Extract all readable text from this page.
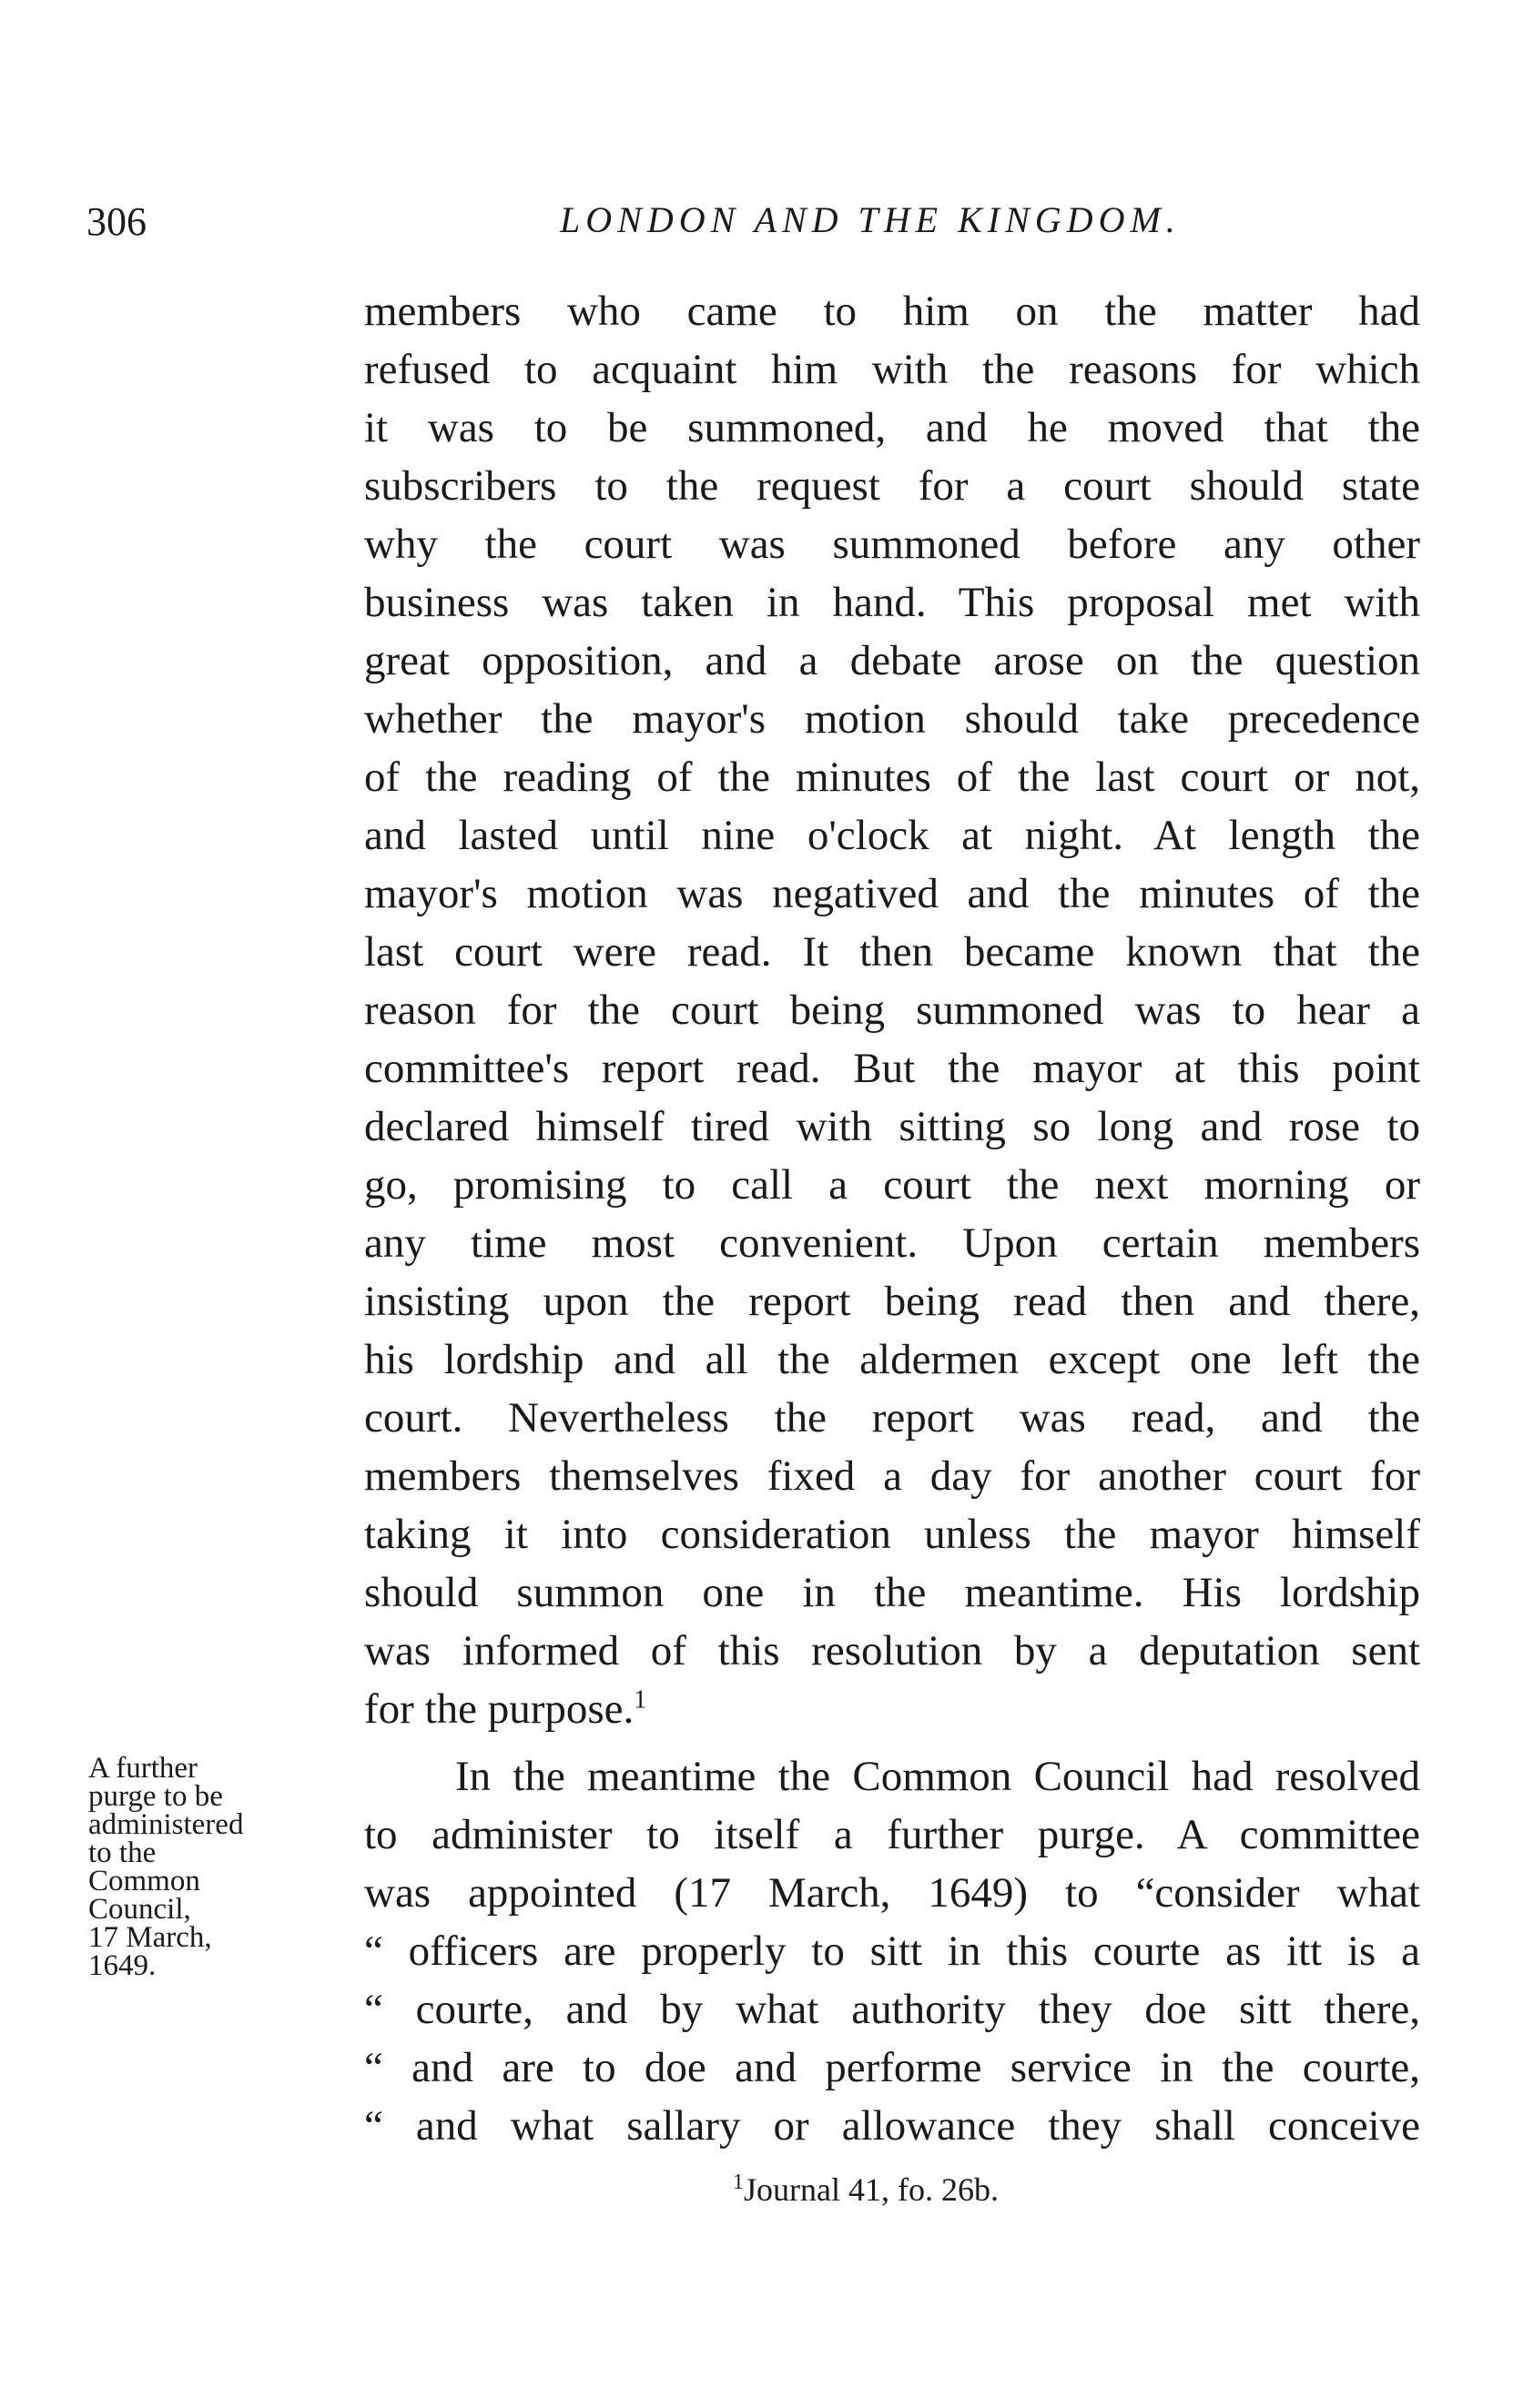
306	LONDON AND THE KINGDOM.
members who came to him on the matter had
refused to acquaint him with the reasons for which
it was to be summoned, and he moved that the
subscribers to the request for a court should state
why the court was summoned before any other
business was taken in hand. This proposal met with
great opposition, and a debate arose on the question
whether the mayor's motion should take precedence
of the reading of the minutes of the last court or not,
and lasted until nine o'clock at night. At length the
mayor's motion was negatived and the minutes of the
last court were read. It then became known that the
reason for the court being summoned was to hear a
committee's report read. But the mayor at this point
declared himself tired with sitting so long and rose to
go, promising to call a court the next morning or
any time most convenient. Upon certain members
insisting upon the report being read then and there,
his lordship and all the aldermen except one left the
court. Nevertheless the report was read, and the
members themselves fixed a day for another court for
taking it into consideration unless the mayor himself
should summon one in the meantime. His lordship
was informed of this resolution by a deputation sent
for the purpose.$^1$
A further
purge to be
administered
to the
Common
Council,
17 March,
1649.
In the meantime the Common Council had resolved
to administer to itself a further purge. A committee
was appointed (17 March, 1649) to “consider what
“ officers are properly to sitt in this courte as itt is a
“ courte, and by what authority they doe sitt there,
“ and are to doe and performe service in the courte,
“ and what sallary or allowance they shall conceive
$^1$Journal 41, fo. 26b.
